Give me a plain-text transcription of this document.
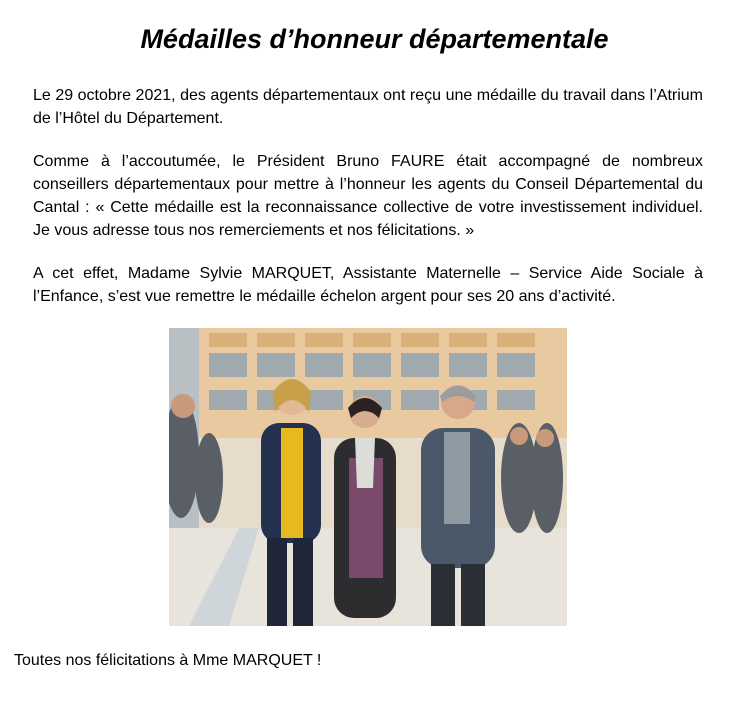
Médailles d’honneur départementale

Le 29 octobre 2021, des agents départementaux ont reçu une médaille du travail dans l’Atrium de l’Hôtel du Département.

Comme à l’accoutumée, le Président Bruno FAURE était accompagné de nombreux conseillers départementaux pour mettre à l’honneur les agents du Conseil Départemental du Cantal : « Cette médaille est la reconnaissance collective de votre investissement individuel. Je vous adresse tous nos remerciements et nos félicitations. »

A cet effet, Madame Sylvie MARQUET, Assistante Maternelle – Service Aide Sociale à l’Enfance, s’est vue remettre le médaille échelon argent pour ses 20 ans d’activité.

Toutes nos félicitations à Mme MARQUET !
